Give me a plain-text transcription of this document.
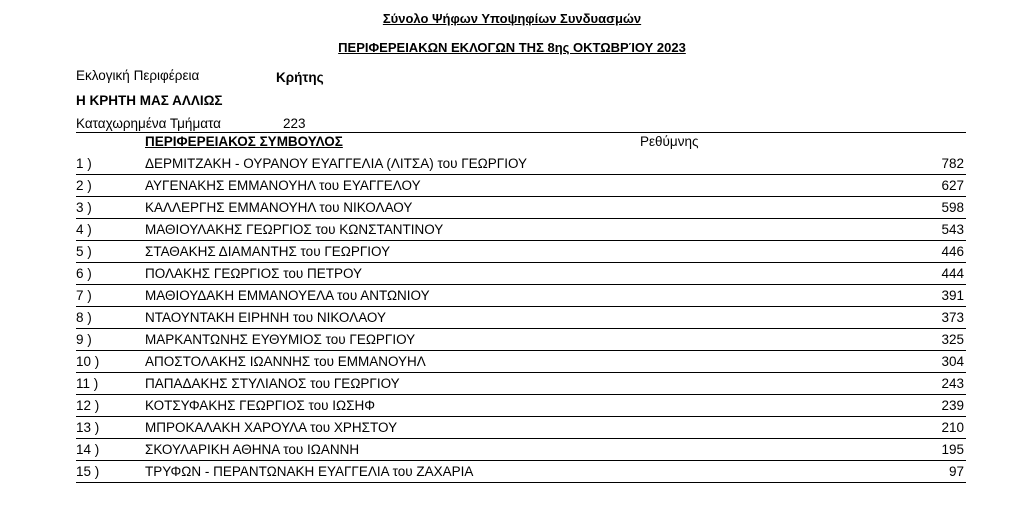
Σύνολο Ψήφων Υποψηφίων Συνδυασμών
ΠΕΡΙΦΕΡΕΙΑΚΩΝ ΕΚΛΟΓΩΝ ΤΗΣ 8ης ΟΚΤΩΒΡΊΟΥ 2023
Εκλογική Περιφέρεια	Κρήτης
Η ΚΡΗΤΗ ΜΑΣ ΑΛΛΙΩΣ
Καταχωρημένα Τμήματα	223
ΠΕΡΙΦΕΡΕΙΑΚΟΣ ΣΥΜΒΟΥΛΟΣ	Ρεθύμνης
1 )	ΔΕΡΜΙΤΖΑΚΗ - ΟΥΡΑΝΟΥ ΕΥΑΓΓΕΛΙΑ (ΛΙΤΣΑ) του ΓΕΩΡΓΙΟΥ	782
2 )	ΑΥΓΕΝΑΚΗΣ ΕΜΜΑΝΟΥΗΛ του ΕΥΑΓΓΕΛΟΥ	627
3 )	ΚΑΛΛΕΡΓΗΣ ΕΜΜΑΝΟΥΗΛ του ΝΙΚΟΛΑΟΥ	598
4 )	ΜΑΘΙΟΥΛΑΚΗΣ ΓΕΩΡΓΙΟΣ του ΚΩΝΣΤΑΝΤΙΝΟΥ	543
5 )	ΣΤΑΘΑΚΗΣ ΔΙΑΜΑΝΤΗΣ του ΓΕΩΡΓΙΟΥ	446
6 )	ΠΟΛΑΚΗΣ ΓΕΩΡΓΙΟΣ του ΠΕΤΡΟΥ	444
7 )	ΜΑΘΙΟΥΔΑΚΗ ΕΜΜΑΝΟΥΕΛΑ του ΑΝΤΩΝΙΟΥ	391
8 )	ΝΤΑΟΥΝΤΑΚΗ ΕΙΡΗΝΗ του ΝΙΚΟΛΑΟΥ	373
9 )	ΜΑΡΚΑΝΤΩΝΗΣ ΕΥΘΥΜΙΟΣ του ΓΕΩΡΓΙΟΥ	325
10 )	ΑΠΟΣΤΟΛΑΚΗΣ ΙΩΑΝΝΗΣ του ΕΜΜΑΝΟΥΗΛ	304
11 )	ΠΑΠΑΔΑΚΗΣ ΣΤΥΛΙΑΝΟΣ του ΓΕΩΡΓΙΟΥ	243
12 )	ΚΟΤΣΥΦΑΚΗΣ ΓΕΩΡΓΙΟΣ του ΙΩΣΗΦ	239
13 )	ΜΠΡΟΚΑΛΑΚΗ ΧΑΡΟΥΛΑ του ΧΡΗΣΤΟΥ	210
14 )	ΣΚΟΥΛΑΡΙΚΗ ΑΘΗΝΑ του ΙΩΑΝΝΗ	195
15 )	ΤΡΥΦΩΝ - ΠΕΡΑΝΤΩΝΑΚΗ ΕΥΑΓΓΕΛΙΑ του ΖΑΧΑΡΙΑ	97
